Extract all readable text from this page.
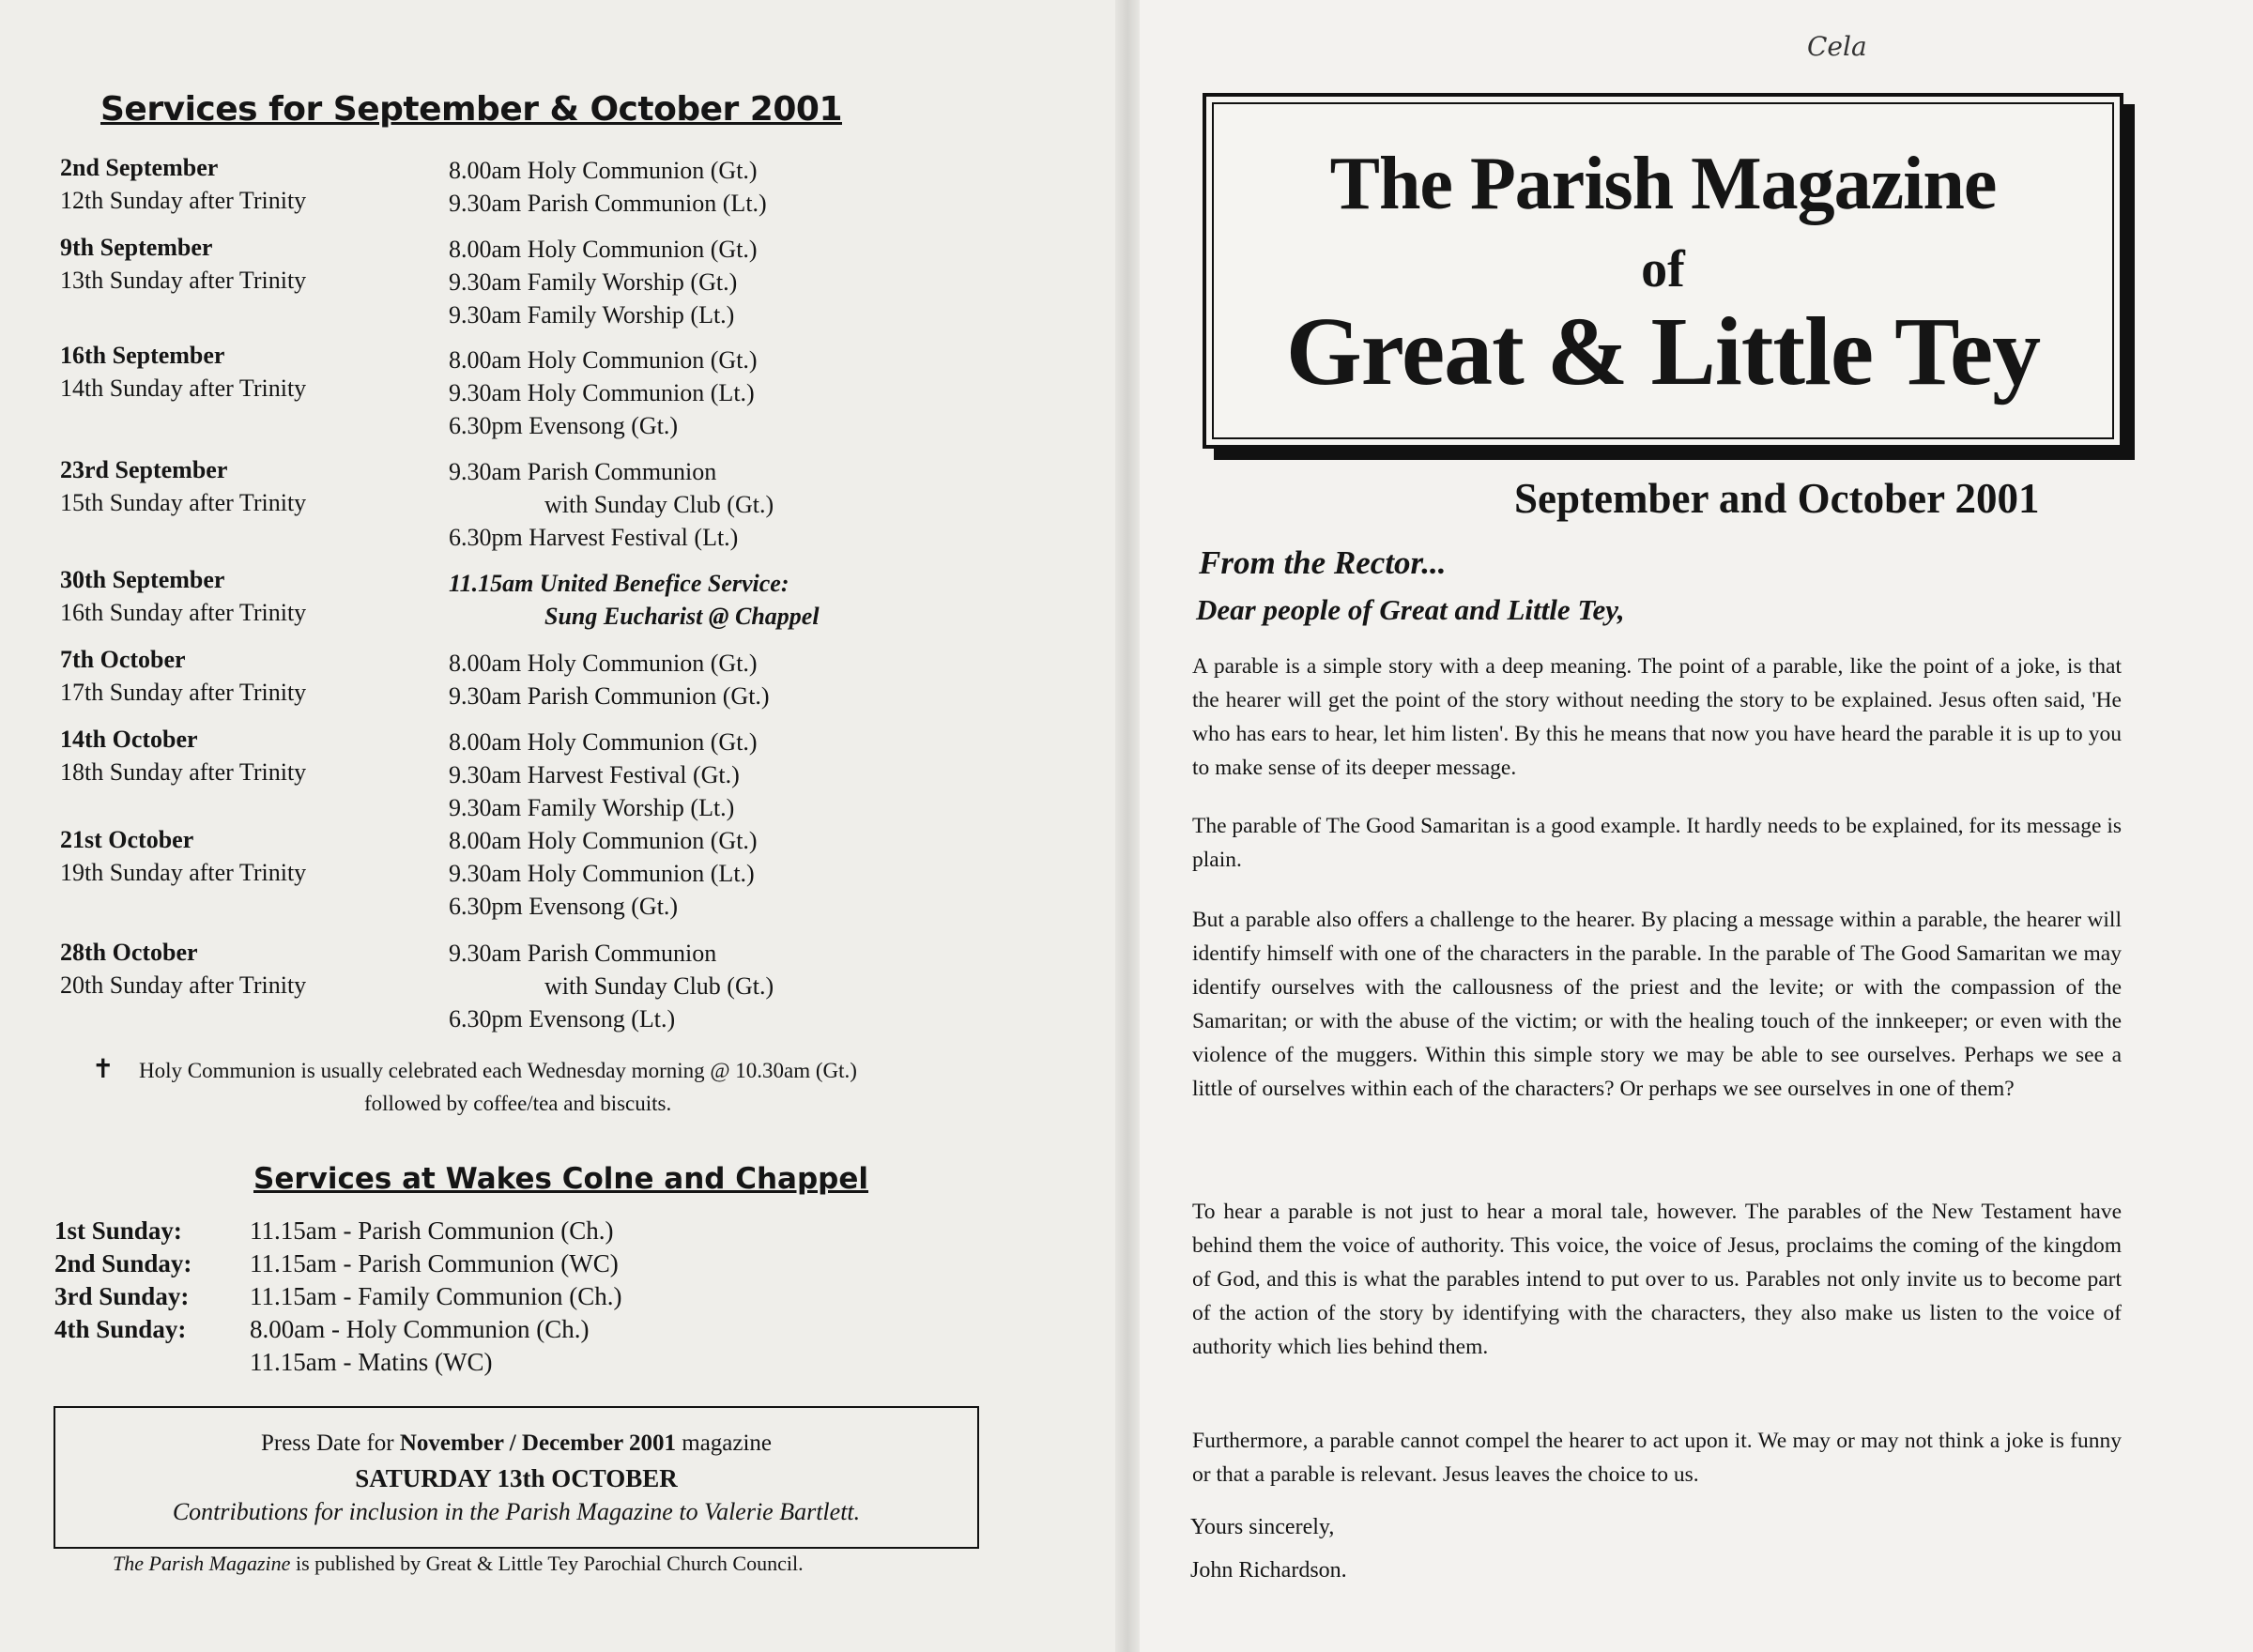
Services for September & October 2001
2nd September
12th Sunday after Trinity
8.00am Holy Communion (Gt.)
9.30am Parish Communion (Lt.)
9th September
13th Sunday after Trinity
8.00am Holy Communion (Gt.)
9.30am Family Worship (Gt.)
9.30am Family Worship (Lt.)
16th September
14th Sunday after Trinity
8.00am Holy Communion (Gt.)
9.30am Holy Communion (Lt.)
6.30pm Evensong (Gt.)
23rd September
15th Sunday after Trinity
9.30am Parish Communion
with Sunday Club (Gt.)
6.30pm Harvest Festival (Lt.)
30th September
16th Sunday after Trinity
11.15am United Benefice Service:
Sung Eucharist @ Chappel
7th October
17th Sunday after Trinity
8.00am Holy Communion (Gt.)
9.30am Parish Communion (Gt.)
14th October
18th Sunday after Trinity
8.00am Holy Communion (Gt.)
9.30am Harvest Festival (Gt.)
9.30am Family Worship (Lt.)
21st October
19th Sunday after Trinity
8.00am Holy Communion (Gt.)
9.30am Holy Communion (Lt.)
6.30pm Evensong (Gt.)
28th October
20th Sunday after Trinity
9.30am Parish Communion
with Sunday Club (Gt.)
6.30pm Evensong (Lt.)
✝ Holy Communion is usually celebrated each Wednesday morning @ 10.30am (Gt.)
followed by coffee/tea and biscuits.
Services at Wakes Colne and Chappel
1st Sunday:	11.15am - Parish Communion (Ch.)
2nd Sunday: 11.15am - Parish Communion (WC)
3rd Sunday: 11.15am - Family Communion (Ch.)
4th Sunday:	8.00am - Holy Communion (Ch.)
11.15am - Matins (WC)
Press Date for November / December 2001 magazine
SATURDAY 13th OCTOBER
Contributions for inclusion in the Parish Magazine to Valerie Bartlett.
The Parish Magazine is published by Great & Little Tey Parochial Church Council.
Cela
The Parish Magazine
of
Great & Little Tey
September and October 2001
From the Rector...
Dear people of Great and Little Tey,
A parable is a simple story with a deep meaning. The point of a parable, like the point of a joke, is that the hearer will get the point of the story without needing the story to be explained. Jesus often said, 'He who has ears to hear, let him listen'. By this he means that now you have heard the parable it is up to you to make sense of its deeper message.
The parable of The Good Samaritan is a good example. It hardly needs to be explained, for its message is plain.
But a parable also offers a challenge to the hearer. By placing a message within a parable, the hearer will identify himself with one of the characters in the parable. In the parable of The Good Samaritan we may identify ourselves with the callousness of the priest and the levite; or with the compassion of the Samaritan; or with the abuse of the victim; or with the healing touch of the innkeeper; or even with the violence of the muggers. Within this simple story we may be able to see ourselves. Perhaps we see a little of ourselves within each of the characters? Or perhaps we see ourselves in one of them?
To hear a parable is not just to hear a moral tale, however. The parables of the New Testament have behind them the voice of authority. This voice, the voice of Jesus, proclaims the coming of the kingdom of God, and this is what the parables intend to put over to us. Parables not only invite us to become part of the action of the story by identifying with the characters, they also make us listen to the voice of authority which lies behind them.
Furthermore, a parable cannot compel the hearer to act upon it. We may or may not think a joke is funny or that a parable is relevant. Jesus leaves the choice to us.
Yours sincerely,
John Richardson.
